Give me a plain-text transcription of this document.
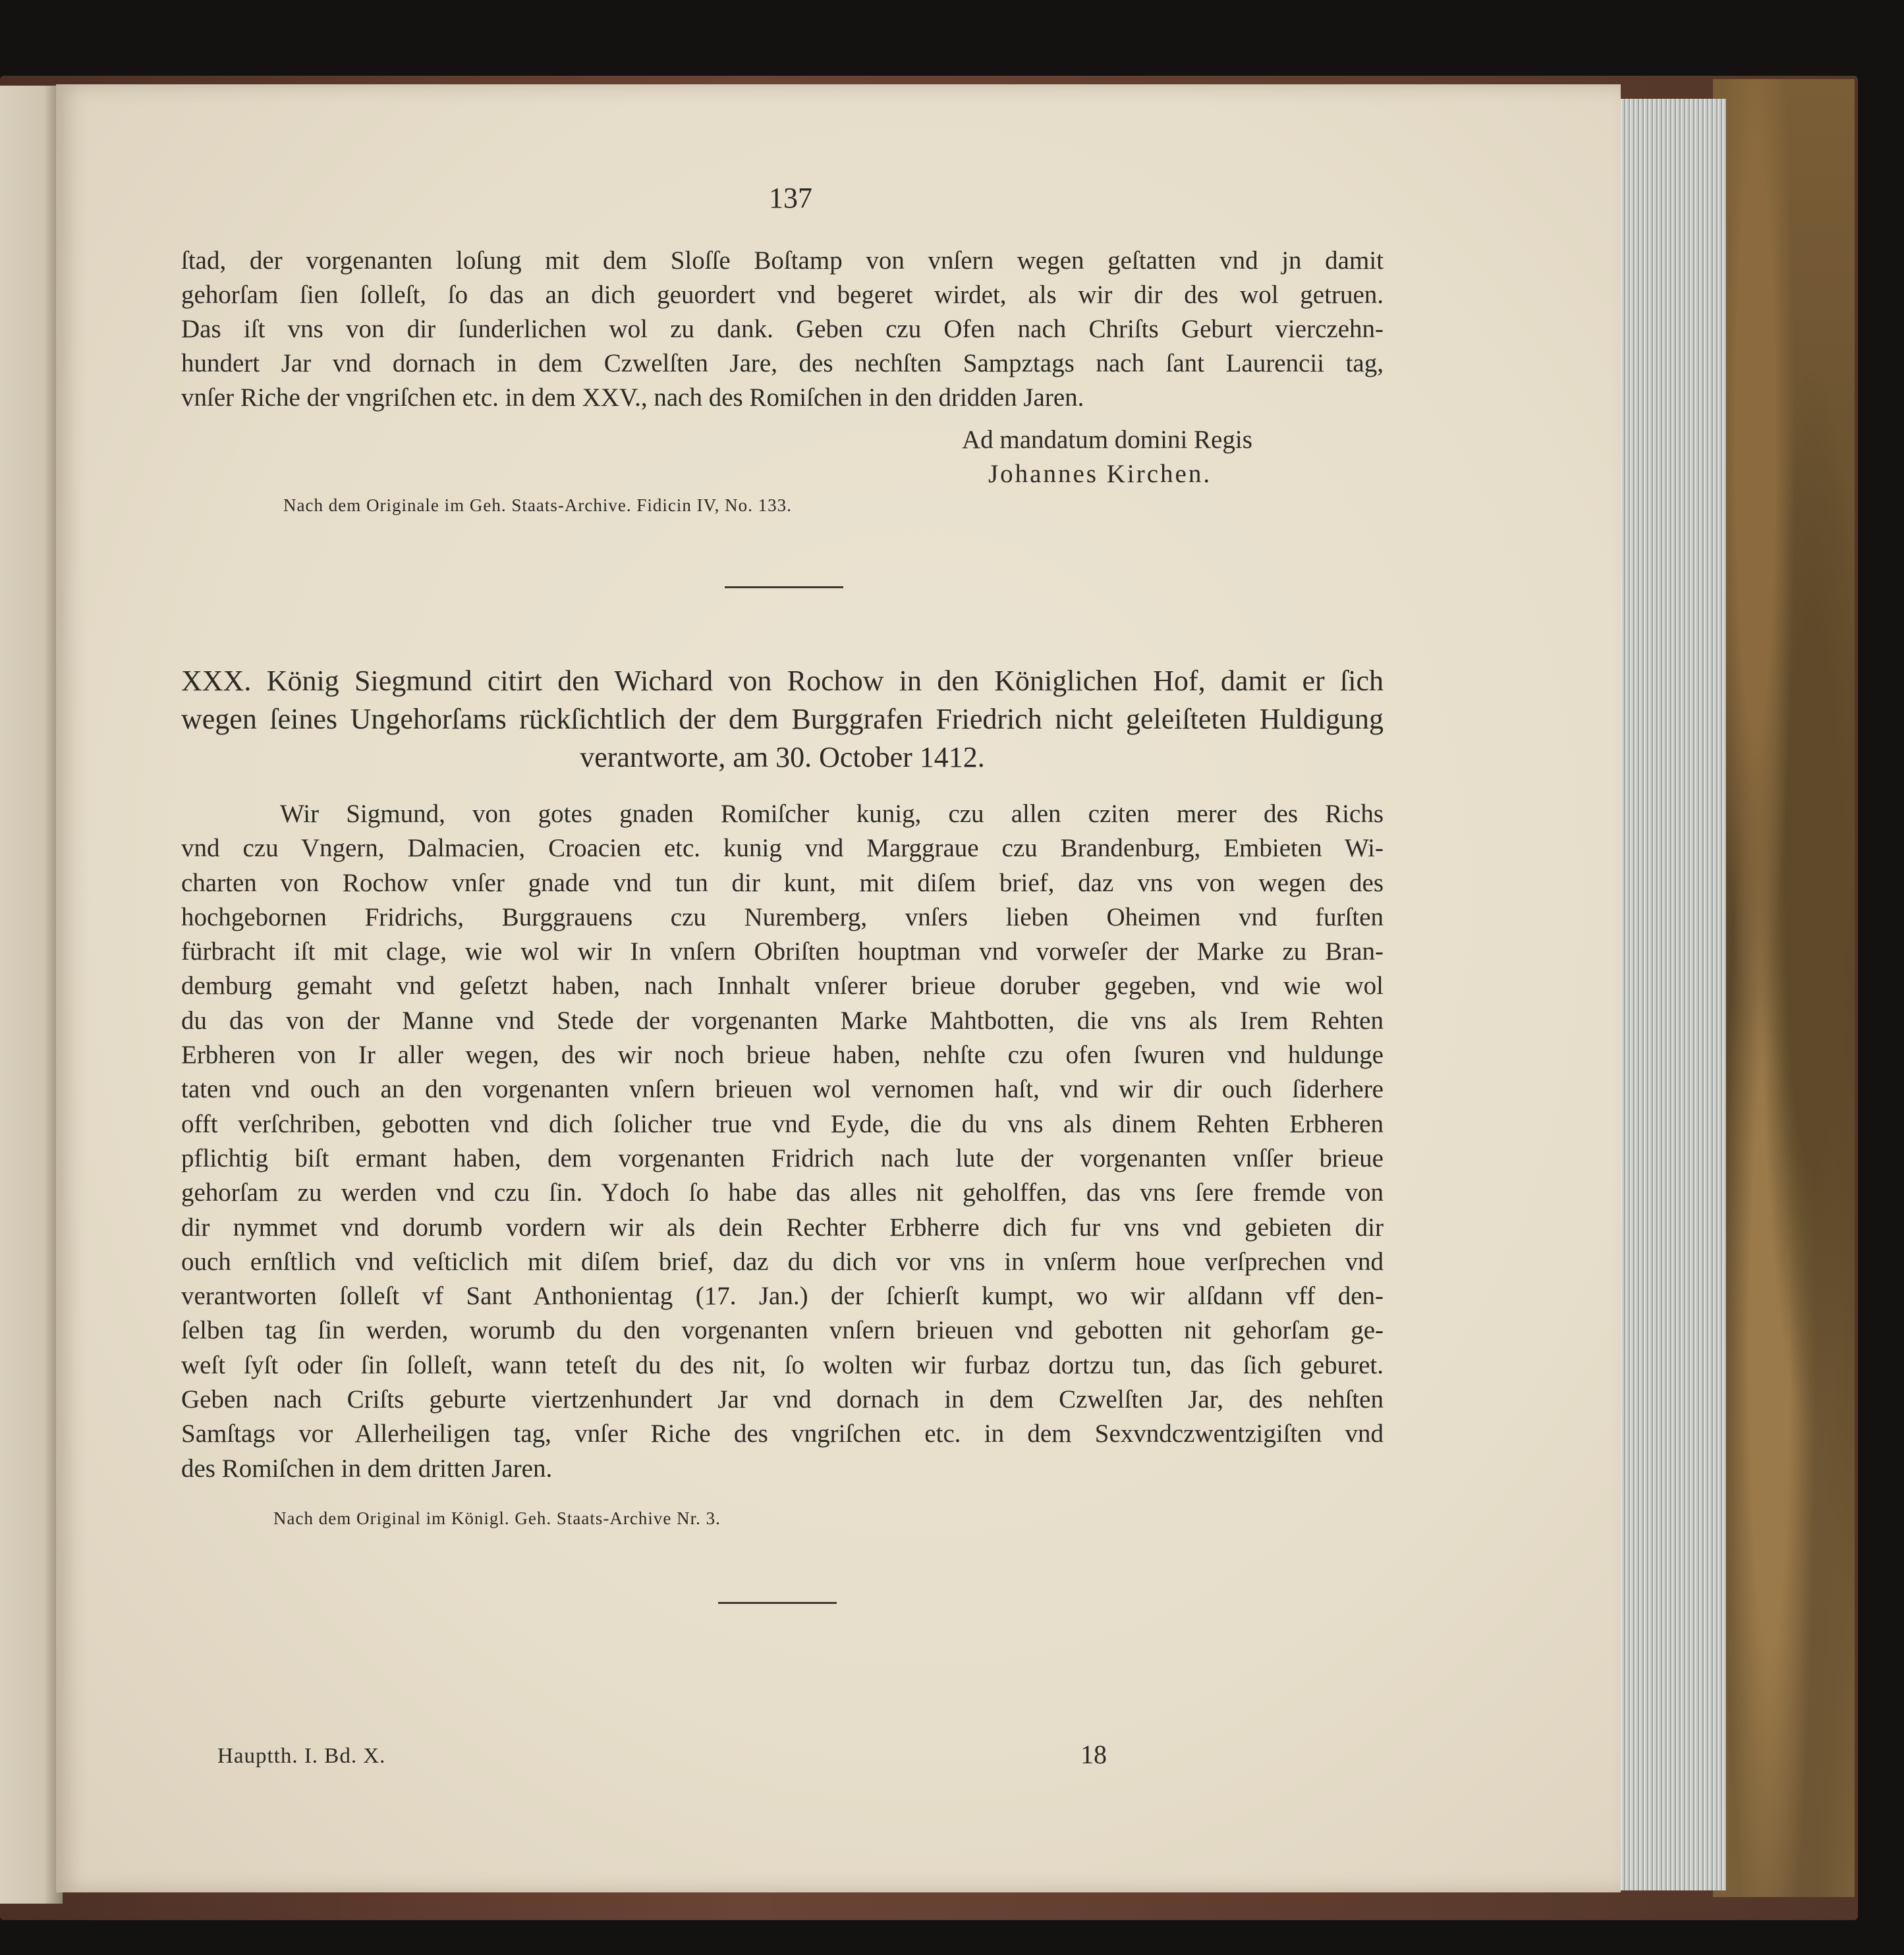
137
ſtad, der vorgenanten loſung mit dem Sloſſe Boſtamp von vnſern wegen geſtatten vnd jn damit
gehorſam ſien ſolleſt, ſo das an dich geuordert vnd begeret wirdet, als wir dir des wol getruen.
Das iſt vns von dir ſunderlichen wol zu dank. Geben czu Ofen nach Chriſts Geburt vierczehn-
hundert Jar vnd dornach in dem Czwelſten Jare, des nechſten Sampztags nach ſant Laurencii tag,
vnſer Riche der vngriſchen etc. in dem XXV., nach des Romiſchen in den dridden Jaren.
Ad mandatum domini Regis
Johannes Kirchen.
Nach dem Originale im Geh. Staats-Archive. Fidicin IV, No. 133.
XXX. König Siegmund citirt den Wichard von Rochow in den Königlichen Hof, damit er ſich
wegen ſeines Ungehorſams rückſichtlich der dem Burggrafen Friedrich nicht geleiſteten Huldigung
verantworte, am 30. October 1412.
Wir Sigmund, von gotes gnaden Romiſcher kunig, czu allen cziten merer des Richs
vnd czu Vngern, Dalmacien, Croacien etc. kunig vnd Marggraue czu Brandenburg, Embieten Wi-
charten von Rochow vnſer gnade vnd tun dir kunt, mit diſem brief, daz vns von wegen des
hochgebornen Fridrichs, Burggrauens czu Nuremberg, vnſers lieben Oheimen vnd furſten
fürbracht iſt mit clage, wie wol wir In vnſern Obriſten houptman vnd vorweſer der Marke zu Bran-
demburg gemaht vnd geſetzt haben, nach Innhalt vnſerer brieue doruber gegeben, vnd wie wol
du das von der Manne vnd Stede der vorgenanten Marke Mahtbotten, die vns als Irem Rehten
Erbheren von Ir aller wegen, des wir noch brieue haben, nehſte czu ofen ſwuren vnd huldunge
taten vnd ouch an den vorgenanten vnſern brieuen wol vernomen haſt, vnd wir dir ouch ſiderhere
offt verſchriben, gebotten vnd dich ſolicher true vnd Eyde, die du vns als dinem Rehten Erbheren
pflichtig biſt ermant haben, dem vorgenanten Fridrich nach lute der vorgenanten vnſſer brieue
gehorſam zu werden vnd czu ſin. Ydoch ſo habe das alles nit geholffen, das vns ſere fremde von
dir nymmet vnd dorumb vordern wir als dein Rechter Erbherre dich fur vns vnd gebieten dir
ouch ernſtlich vnd veſticlich mit diſem brief, daz du dich vor vns in vnſerm houe verſprechen vnd
verantworten ſolleſt vf Sant Anthonientag (17. Jan.) der ſchierſt kumpt, wo wir alſdann vff den-
ſelben tag ſin werden, worumb du den vorgenanten vnſern brieuen vnd gebotten nit gehorſam ge-
weſt ſyſt oder ſin ſolleſt, wann teteſt du des nit, ſo wolten wir furbaz dortzu tun, das ſich geburet.
Geben nach Criſts geburte viertzenhundert Jar vnd dornach in dem Czwelſten Jar, des nehſten
Samſtags vor Allerheiligen tag, vnſer Riche des vngriſchen etc. in dem Sexvndczwentzigiſten vnd
des Romiſchen in dem dritten Jaren.
Nach dem Original im Königl. Geh. Staats-Archive Nr. 3.
Hauptth. I. Bd. X.	18
